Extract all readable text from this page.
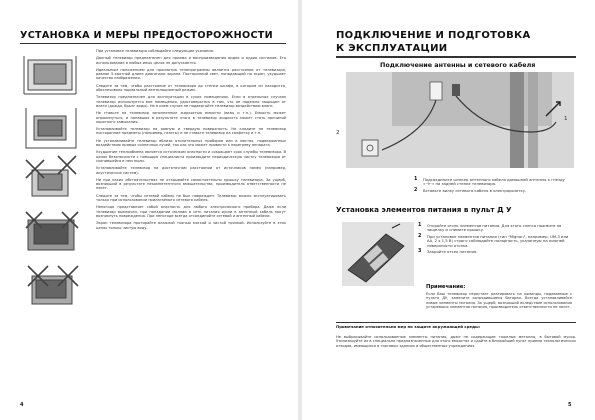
УСТАНОВКА И МЕРЫ ПРЕДОСТОРОЖНОСТИ

При установке телевизора соблюдайте следующие указания.

Данный телевизор предназначен для приема и воспроизведения видео и аудио сигналов. Его использование в любых иных целях не допускается.

Идеальным положением для просмотра телепрограммы является расстояние от телевизора, равное 5-кратной длине диагонали экрана. Посторонний свет, попадающий на экран, ухудшает качество изображения.

Следите за тем, чтобы расстояние от телевизора до стенки шкафа, в котором он находится, обеспечивало нормальный вентиляционный режим.

Телевизор предназначен для эксплуатации в сухих помещениях. Если в отдельных случаях телевизор используется вне помещения, удостоверьтесь в том, что он надежно защищен от влаги (дождя, брызг воды). Не в коем случае не подвергайте телевизор воздействию влаги.

Не ставьте на телевизор заполненные жидкостью емкости (вазы и т.п.). Емкость может опрокинуться, и попавшая в результате этого в телевизор жидкость может стать причиной короткого замыкания.

Устанавливайте телевизор на ровную и твердую поверхность. Не кладите на телевизор посторонние предметы (например, газеты) и не ставьте телевизор на салфетку и т.п.

Не устанавливайте телевизор вблизи отопительных приборов или в местах, подверженных воздействию прямых солнечных лучей, так как это может привести к перегреву аппарата.

Ухудшение теплообмена является источником опасности и сокращает срок службы телевизора. В целях безопасности с помощью специалиста производите периодическую чистку телевизора от скопившейся в нем пыли.

Устанавливайте телевизор на достаточном расстоянии от источников помех (например, акустических систем).

Ни при каких обстоятельствах не открывайте самостоятельно крышку телевизора. За ущерб, возникший в результате некомпетентного вмешательства, производитель ответственности не несет.

Следите за тем, чтобы сетевой кабель не был поврежден. Телевизор можно эксплуатировать только при использовании прилагаемого сетевого кабеля.

Непогода представляет собой опасность для любого электрического прибора. Даже если телевизор выключен, при попадании молнии в сеть питания и/или в антенный кабель могут возникнуть повреждения. При непогоде всегда отсоединяйте сетевой и антенный кабели.

Экран телевизора протирайте влажной тканью мягкой и чистой тряпкой. Используйте в этих целях только чистую воду.

4
ПОДКЛЮЧЕНИЕ И ПОДГОТОВКА
К ЭКСПЛУАТАЦИИ
Подключение антенны и сетевого кабеля
2
1
1	Подсоедините штекер антенного кабеля домашней антенны к гнезду «⊣⊢» на задней стенке телевизора.
2	Вставьте вилку сетевого кабеля в электророзетку.
Установка элементов питания в пульт Д У
1	Откройте отсек элементов питания. Для этого слегка нажмите на защелку и снимите крышку.
2	При установке элементов питания (тип "Mignon", например, UM-3 или АА, 2 x 1,5 В) строго соблюдайте полярность, указанную на нижней поверхности отсека.
3	Закройте отсек питания.
Примечание:
Если Ваш телевизор перестает реагировать на команды, подаваемые с пульта ДУ, замените разрядившиеся батареи. Всегда устанавливайте новые элементы питания. За ущерб, возникший вследствие использования устаревших элементов питания, производитель ответственности не несет.
Примечание относительно мер по защите окружающей среды:
Не выбрасывайте использованные элементы питания, даже не содержащие тяжелые металлы, в бытовой мусор. Утилизируйте их в специально предназначенных для этого емкостях и сдайте в ближайший пункт приема технологических отходов, имеющихся в торговых зданиях и общественных учреждениях.
5
